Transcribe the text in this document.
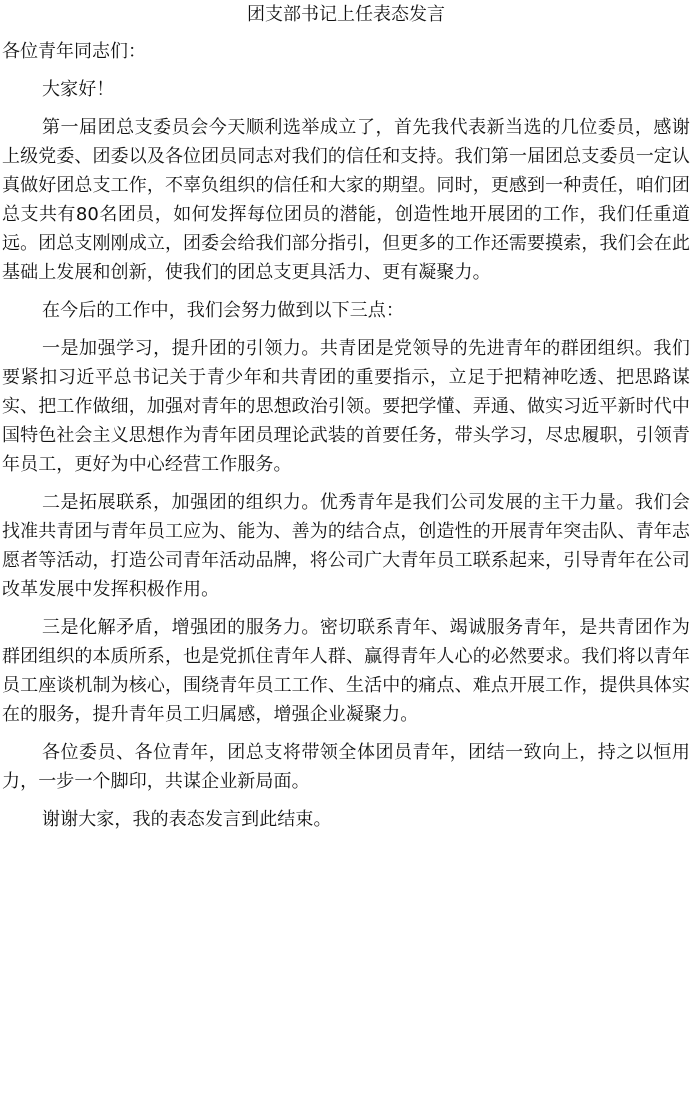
团支部书记上任表态发言
各位青年同志们：

大家好！

第一届团总支委员会今天顺利选举成立了，首先我代表新当选的几位委员，感谢上级党委、团委以及各位团员同志对我们的信任和支持。我们第一届团总支委员一定认真做好团总支工作，不辜负组织的信任和大家的期望。同时，更感到一种责任，咱们团总支共有80名团员，如何发挥每位团员的潜能，创造性地开展团的工作，我们任重道远。团总支刚刚成立，团委会给我们部分指引，但更多的工作还需要摸索，我们会在此基础上发展和创新，使我们的团总支更具活力、更有凝聚力。

在今后的工作中，我们会努力做到以下三点：

一是加强学习，提升团的引领力。共青团是党领导的先进青年的群团组织。我们要紧扣习近平总书记关于青少年和共青团的重要指示，立足于把精神吃透、把思路谋实、把工作做细，加强对青年的思想政治引领。要把学懂、弄通、做实习近平新时代中国特色社会主义思想作为青年团员理论武装的首要任务，带头学习，尽忠履职，引领青年员工，更好为中心经营工作服务。

二是拓展联系，加强团的组织力。优秀青年是我们公司发展的主干力量。我们会找准共青团与青年员工应为、能为、善为的结合点，创造性的开展青年突击队、青年志愿者等活动，打造公司青年活动品牌，将公司广大青年员工联系起来，引导青年在公司改革发展中发挥积极作用。

三是化解矛盾，增强团的服务力。密切联系青年、竭诚服务青年，是共青团作为群团组织的本质所系，也是党抓住青年人群、赢得青年人心的必然要求。我们将以青年员工座谈机制为核心，围绕青年员工工作、生活中的痛点、难点开展工作，提供具体实在的服务，提升青年员工归属感，增强企业凝聚力。

各位委员、各位青年，团总支将带领全体团员青年，团结一致向上，持之以恒用力，一步一个脚印，共谋企业新局面。

谢谢大家，我的表态发言到此结束。
